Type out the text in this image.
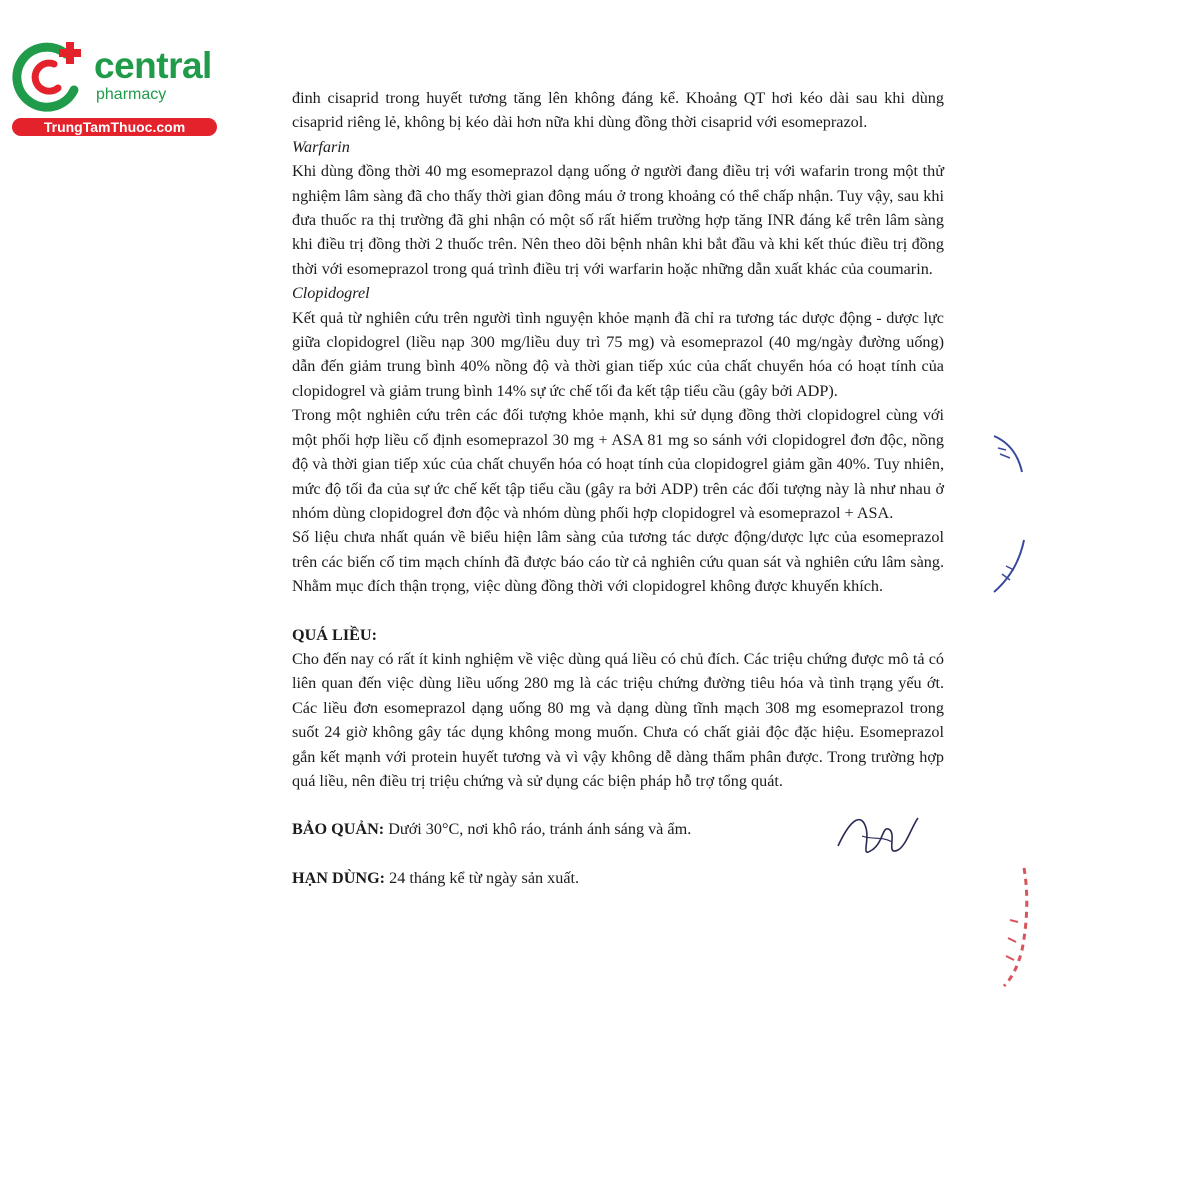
central
pharmacy
TrungTamThuoc.com

đinh cisaprid trong huyết tương tăng lên không đáng kể. Khoảng QT hơi kéo dài sau khi dùng cisaprid riêng lẻ, không bị kéo dài hơn nữa khi dùng đồng thời cisaprid với esomeprazol.

Warfarin

Khi dùng đồng thời 40 mg esomeprazol dạng uống ở người đang điều trị với wafarin trong một thử nghiệm lâm sàng đã cho thấy thời gian đông máu ở trong khoảng có thể chấp nhận. Tuy vậy, sau khi đưa thuốc ra thị trường đã ghi nhận có một số rất hiếm trường hợp tăng INR đáng kể trên lâm sàng khi điều trị đồng thời 2 thuốc trên. Nên theo dõi bệnh nhân khi bắt đầu và khi kết thúc điều trị đồng thời với esomeprazol trong quá trình điều trị với warfarin hoặc những dẫn xuất khác của coumarin.

Clopidogrel

Kết quả từ nghiên cứu trên người tình nguyện khỏe mạnh đã chỉ ra tương tác dược động - dược lực giữa clopidogrel (liều nạp 300 mg/liều duy trì 75 mg) và esomeprazol (40 mg/ngày đường uống) dẫn đến giảm trung bình 40% nồng độ và thời gian tiếp xúc của chất chuyển hóa có hoạt tính của clopidogrel và giảm trung bình 14% sự ức chế tối đa kết tập tiểu cầu (gây bởi ADP).

Trong một nghiên cứu trên các đối tượng khỏe mạnh, khi sử dụng đồng thời clopidogrel cùng với một phối hợp liều cố định esomeprazol 30 mg + ASA 81 mg so sánh với clopidogrel đơn độc, nồng độ và thời gian tiếp xúc của chất chuyển hóa có hoạt tính của clopidogrel giảm gần 40%. Tuy nhiên, mức độ tối đa của sự ức chế kết tập tiểu cầu (gây ra bởi ADP) trên các đối tượng này là như nhau ở nhóm dùng clopidogrel đơn độc và nhóm dùng phối hợp clopidogrel và esomeprazol + ASA.

Số liệu chưa nhất quán về biểu hiện lâm sàng của tương tác dược động/dược lực của esomeprazol trên các biến cố tim mạch chính đã được báo cáo từ cả nghiên cứu quan sát và nghiên cứu lâm sàng. Nhằm mục đích thận trọng, việc dùng đồng thời với clopidogrel không được khuyến khích.

QUÁ LIỀU:

Cho đến nay có rất ít kinh nghiệm về việc dùng quá liều có chủ đích. Các triệu chứng được mô tả có liên quan đến việc dùng liều uống 280 mg là các triệu chứng đường tiêu hóa và tình trạng yếu ớt. Các liều đơn esomeprazol dạng uống 80 mg và dạng dùng tĩnh mạch 308 mg esomeprazol trong suốt 24 giờ không gây tác dụng không mong muốn. Chưa có chất giải độc đặc hiệu. Esomeprazol gắn kết mạnh với protein huyết tương và vì vậy không dễ dàng thẩm phân được. Trong trường hợp quá liều, nên điều trị triệu chứng và sử dụng các biện pháp hỗ trợ tổng quát.

BẢO QUẢN: Dưới 30°C, nơi khô ráo, tránh ánh sáng và ẩm.

HẠN DÙNG: 24 tháng kể từ ngày sản xuất.
